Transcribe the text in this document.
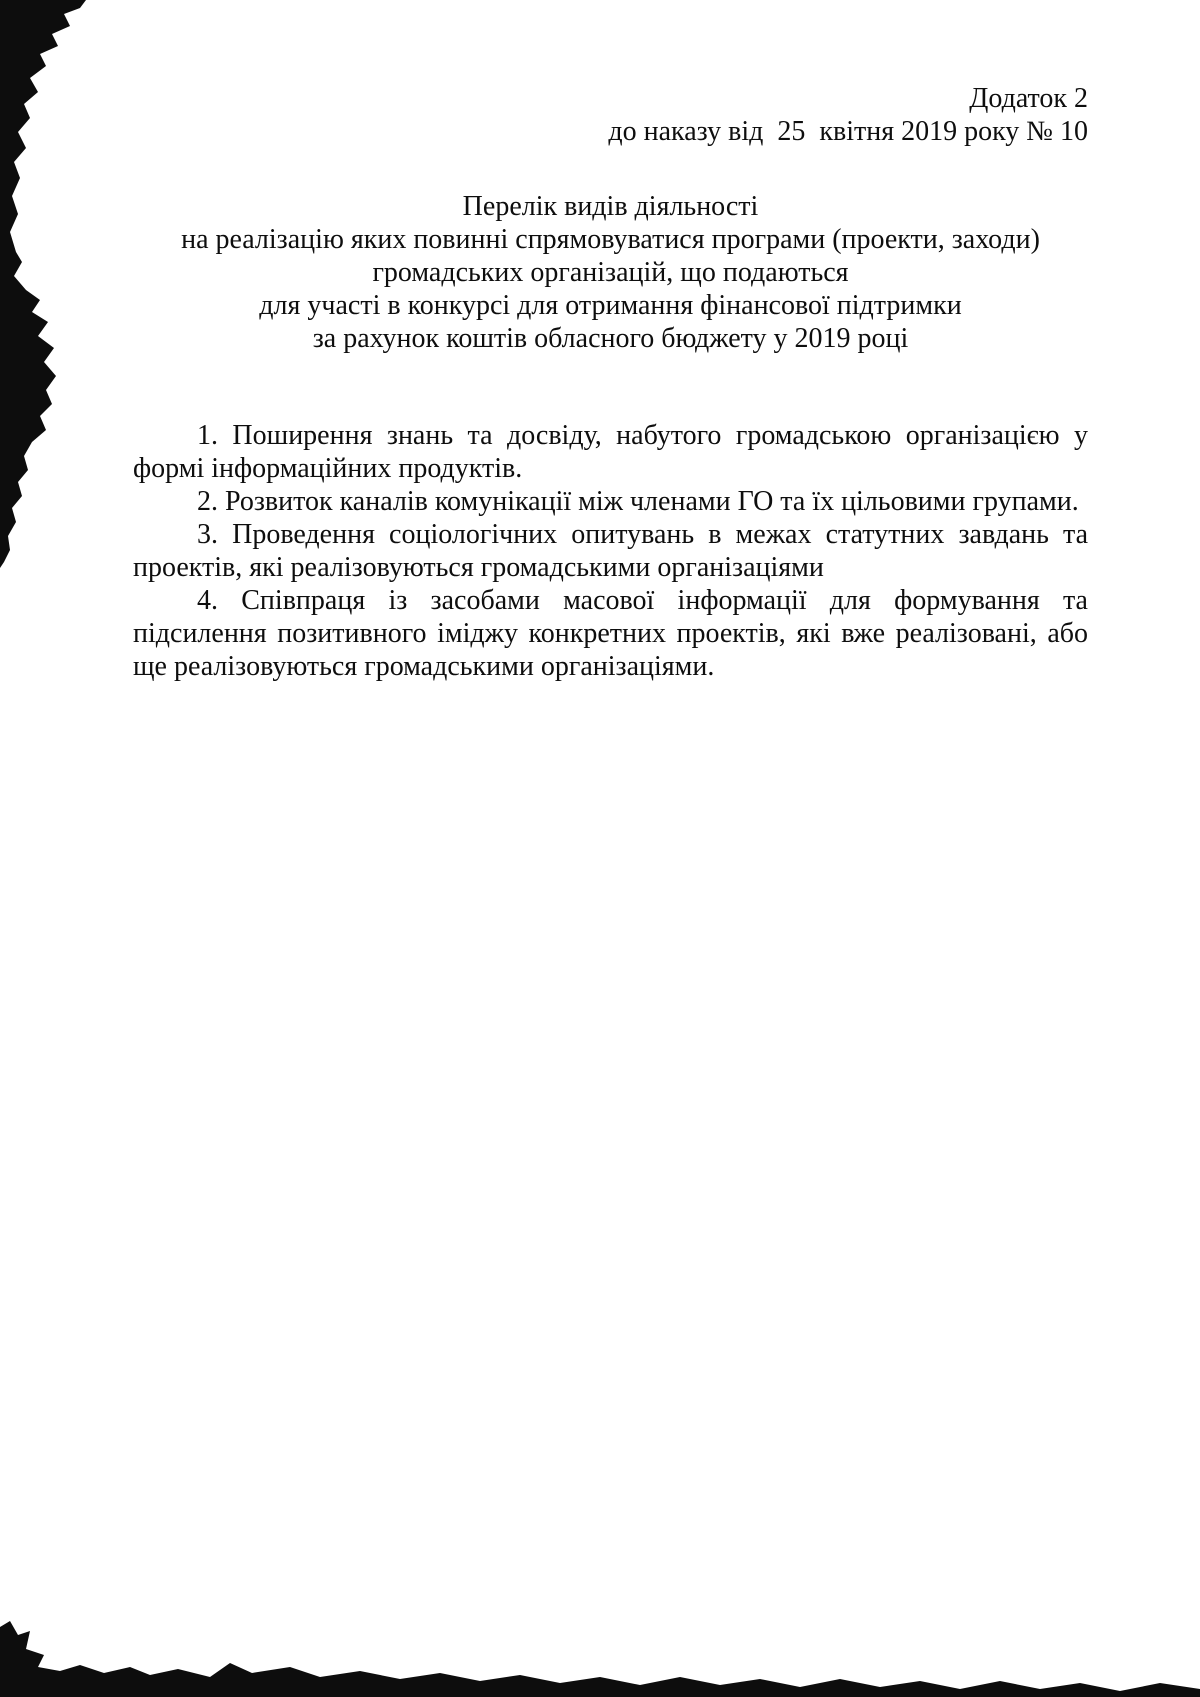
Додаток 2
до наказу від  25  квітня 2019 року № 10
Перелік видів діяльності
на реалізацію яких повинні спрямовуватися програми (проекти, заходи)
громадських організацій, що подаються
для участі в конкурсі для отримання фінансової підтримки
за рахунок коштів обласного бюджету у 2019 році

1. Поширення знань та досвіду, набутого громадською організацією у формі інформаційних продуктів.

2. Розвиток каналів комунікації між членами ГО та їх цільовими групами.

3. Проведення соціологічних опитувань в межах статутних завдань та проектів, які реалізовуються громадськими організаціями

4. Співпраця із засобами масової інформації для формування та підсилення позитивного іміджу конкретних проектів, які вже реалізовані, або ще реалізовуються громадськими організаціями.
